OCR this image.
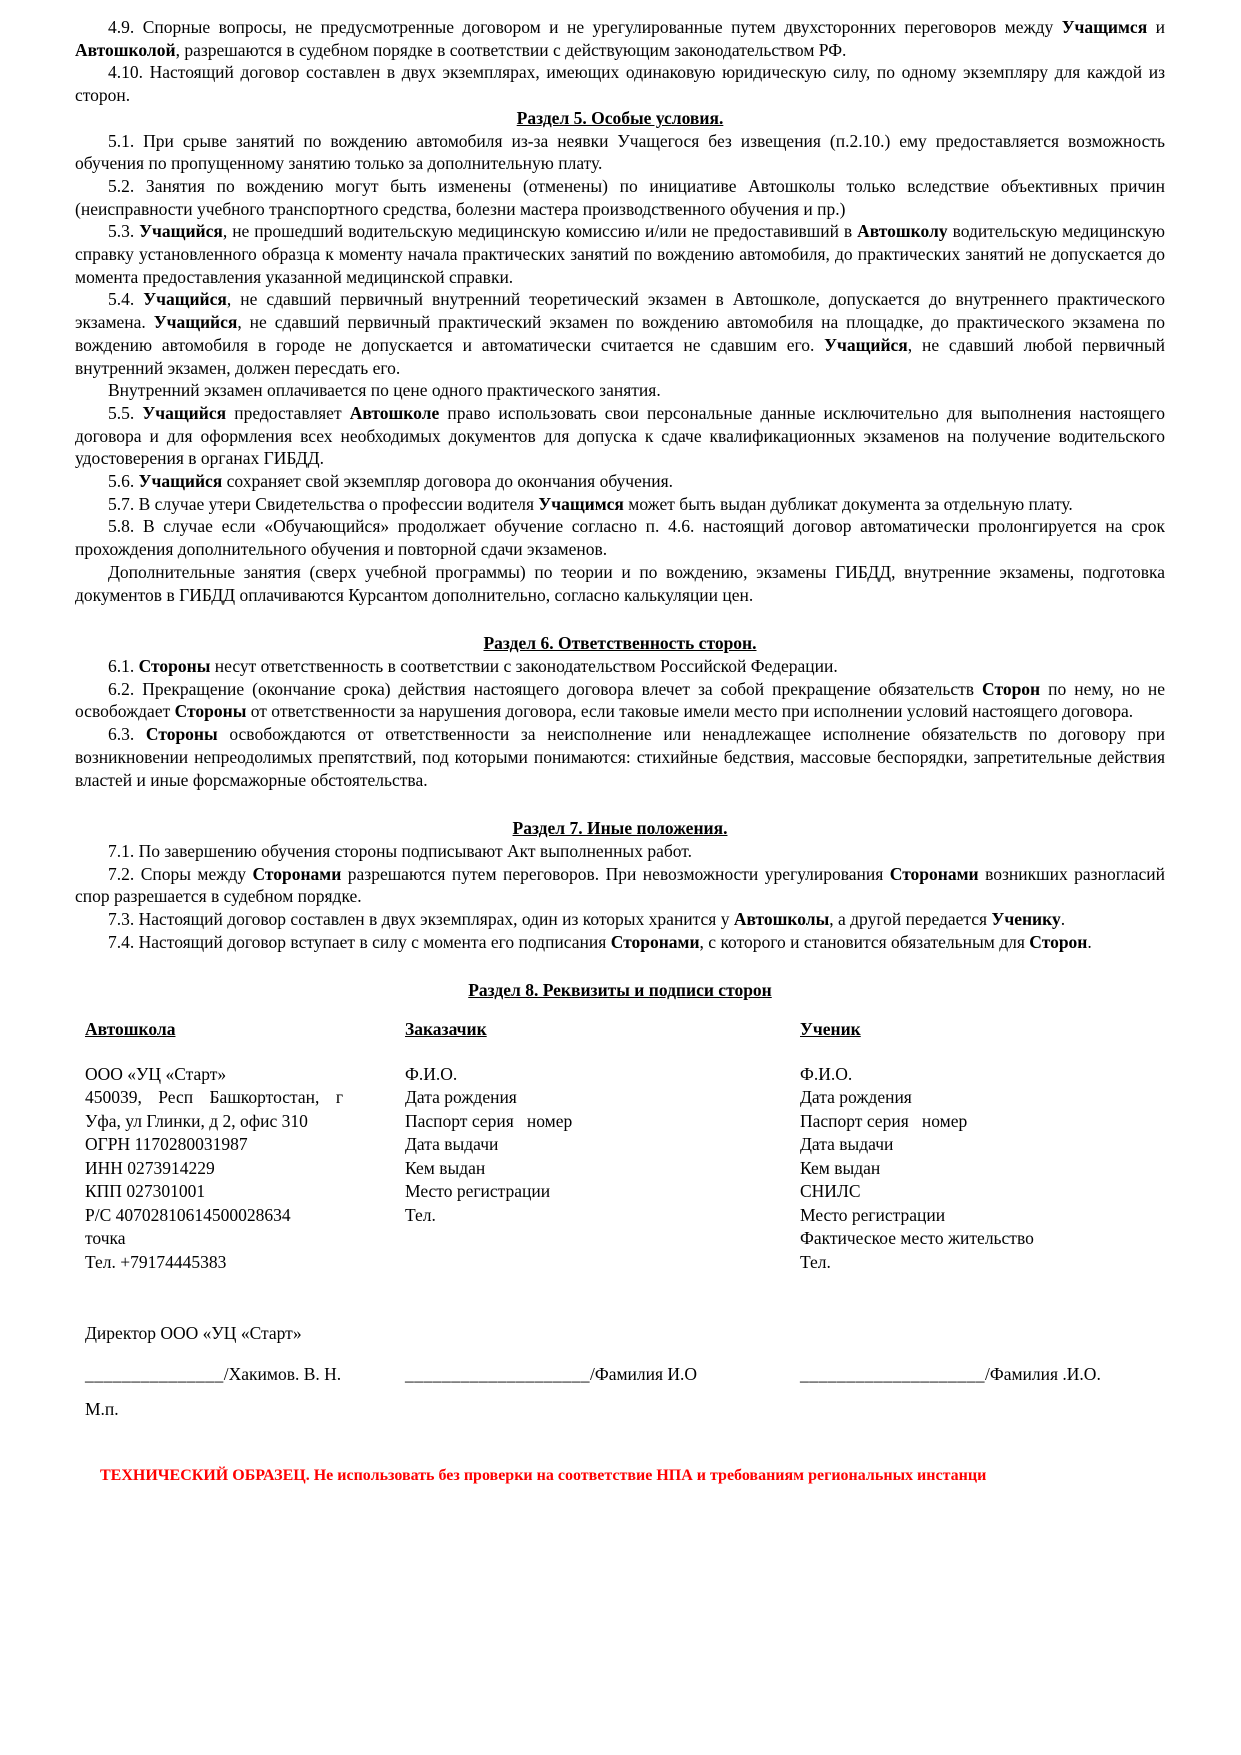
4.9. Спорные вопросы, не предусмотренные договором и не урегулированные путем двухсторонних переговоров между Учащимся и Автошколой, разрешаются в судебном порядке в соответствии с действующим законодательством РФ.

4.10. Настоящий договор составлен в двух экземплярах, имеющих одинаковую юридическую силу, по одному экземпляру для каждой из сторон.

Раздел 5. Особые условия.

5.1. При срыве занятий по вождению автомобиля из-за неявки Учащегося без извещения (п.2.10.) ему предоставляется возможность обучения по пропущенному занятию только за дополнительную плату.

5.2. Занятия по вождению могут быть изменены (отменены) по инициативе Автошколы только вследствие объективных причин (неисправности учебного транспортного средства, болезни мастера производственного обучения и пр.)

5.3. Учащийся, не прошедший водительскую медицинскую комиссию и/или не предоставивший в Автошколу водительскую медицинскую справку установленного образца к моменту начала практических занятий по вождению автомобиля, до практических занятий не допускается до момента предоставления указанной медицинской справки.

5.4. Учащийся, не сдавший первичный внутренний теоретический экзамен в Автошколе, допускается до внутреннего практического экзамена. Учащийся, не сдавший первичный практический экзамен по вождению автомобиля на площадке, до практического экзамена по вождению автомобиля в городе не допускается и автоматически считается не сдавшим его. Учащийся, не сдавший любой первичный внутренний экзамен, должен пересдать его.

Внутренний экзамен оплачивается по цене одного практического занятия.

5.5. Учащийся предоставляет Автошколе право использовать свои персональные данные исключительно для выполнения настоящего договора и для оформления всех необходимых документов для допуска к сдаче квалификационных экзаменов на получение водительского удостоверения в органах ГИБДД.

5.6. Учащийся сохраняет свой экземпляр договора до окончания обучения.

5.7. В случае утери Свидетельства о профессии водителя Учащимся может быть выдан дубликат документа за отдельную плату.

5.8. В случае если «Обучающийся» продолжает обучение согласно п. 4.6. настоящий договор автоматически пролонгируется на срок прохождения дополнительного обучения и повторной сдачи экзаменов.

Дополнительные занятия (сверх учебной программы) по теории и по вождению, экзамены ГИБДД, внутренние экзамены, подготовка документов в ГИБДД оплачиваются Курсантом дополнительно, согласно калькуляции цен.

Раздел 6. Ответственность сторон.

6.1. Стороны несут ответственность в соответствии с законодательством Российской Федерации.

6.2. Прекращение (окончание срока) действия настоящего договора влечет за собой прекращение обязательств Сторон по нему, но не освобождает Стороны от ответственности за нарушения договора, если таковые имели место при исполнении условий настоящего договора.

6.3. Стороны освобождаются от ответственности за неисполнение или ненадлежащее исполнение обязательств по договору при возникновении непреодолимых препятствий, под которыми понимаются: стихийные бедствия, массовые беспорядки, запретительные действия властей и иные форсмажорные обстоятельства.

Раздел 7. Иные положения.

7.1. По завершению обучения стороны подписывают Акт выполненных работ.

7.2. Споры между Сторонами разрешаются путем переговоров. При невозможности урегулирования Сторонами возникших разногласий спор разрешается в судебном порядке.

7.3. Настоящий договор составлен в двух экземплярах, один из которых хранится у Автошколы, а другой передается Ученику.

7.4. Настоящий договор вступает в силу с момента его подписания Сторонами, с которого и становится обязательным для Сторон.

Раздел 8. Реквизиты и подписи сторон
Автошкола
ООО «УЦ «Старт»
450039, Респ Башкортостан, г Уфа, ул Глинки, д 2, офис 310
ОГРН 1170280031987
ИНН 0273914229
КПП 027301001
Р/С 40702810614500028634
точка
Тел. +79174445383
Заказачик
Ф.И.О.
Дата рождения
Паспорт серия   номер
Дата выдачи
Кем выдан
Место регистрации
Тел.
Ученик
Ф.И.О.
Дата рождения
Паспорт серия   номер
Дата выдачи
Кем выдан
СНИЛС
Место регистрации
Фактическое место жительство
Тел.
Директор ООО «УЦ «Старт»
_______________/Хакимов. В. Н.	____________________/Фамилия И.О	____________________/Фамилия .И.О.
М.п.
ТЕХНИЧЕСКИЙ ОБРАЗЕЦ. Не использовать без проверки на соответствие НПА и требованиям региональных инстанци
